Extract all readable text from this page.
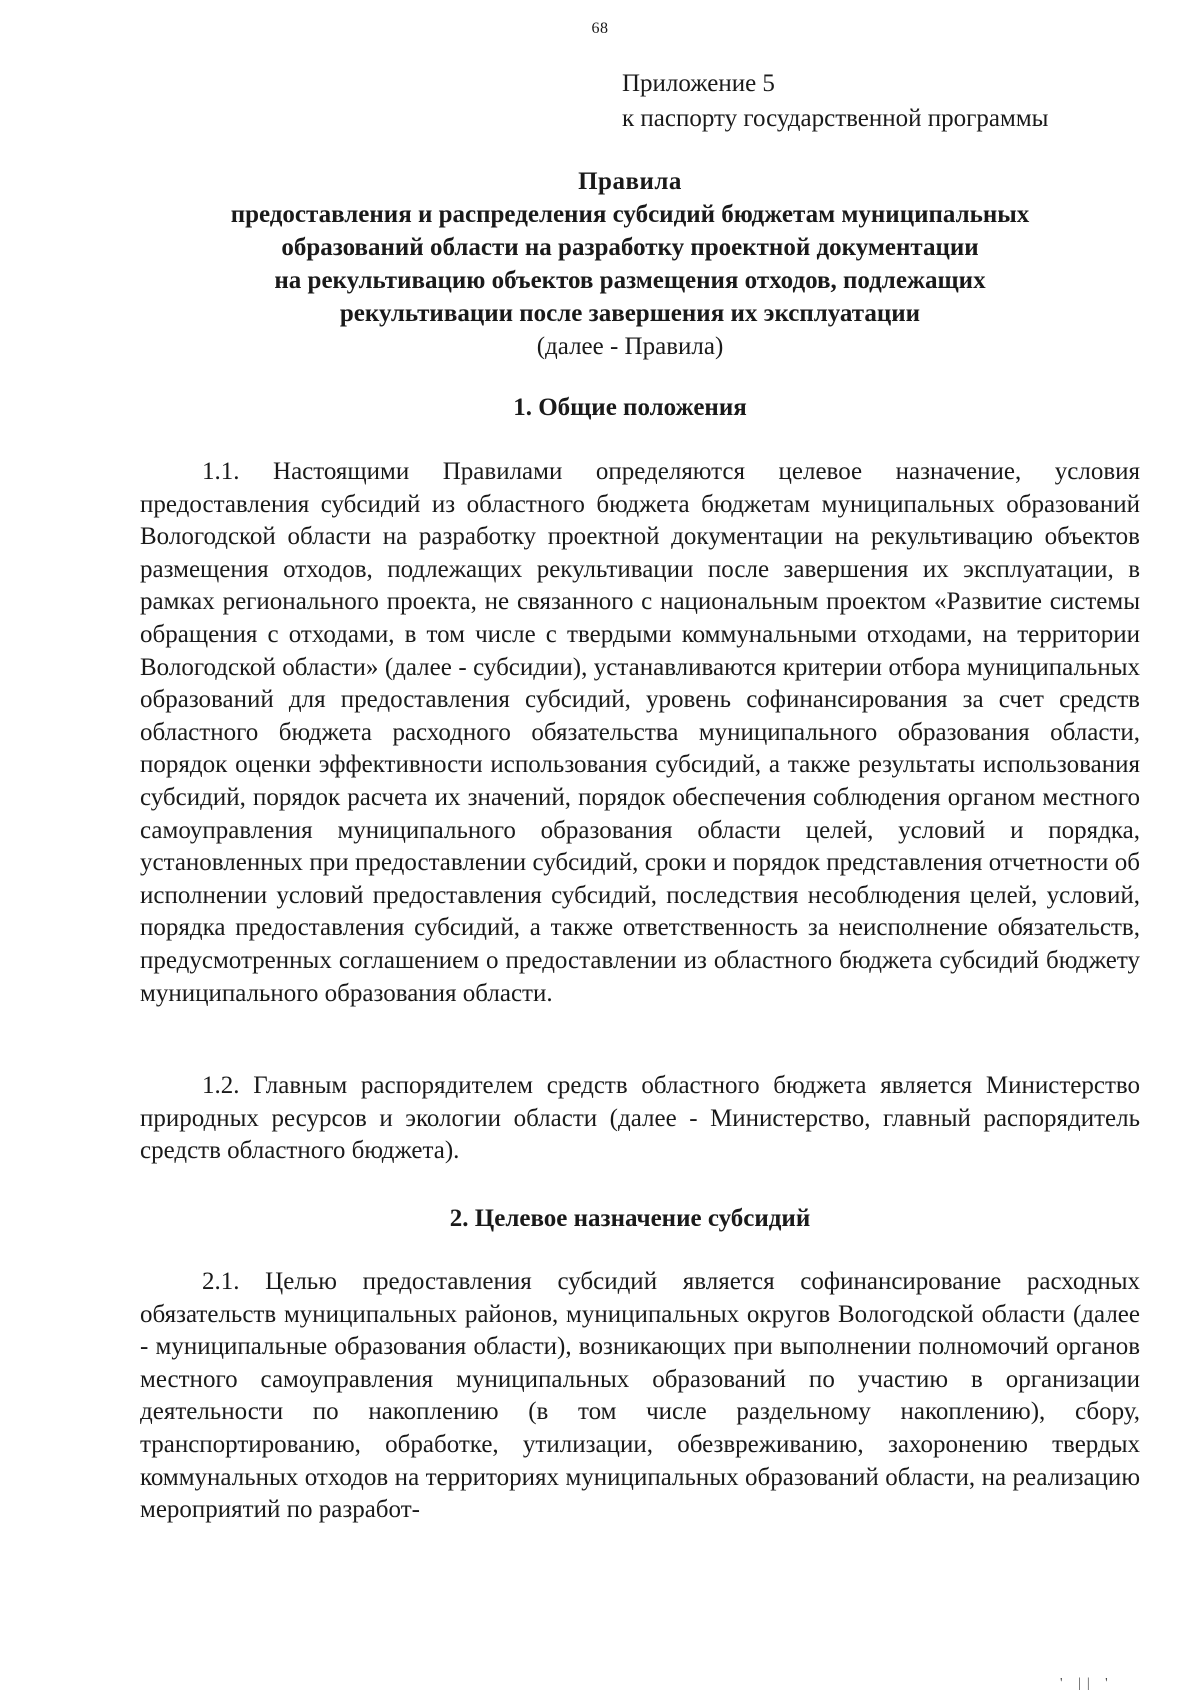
68
Приложение 5
к паспорту государственной программы
Правила
предоставления и распределения субсидий бюджетам муниципальных
образований области на разработку проектной документации
на рекультивацию объектов размещения отходов, подлежащих
рекультивации после завершения их эксплуатации
(далее - Правила)
1. Общие положения
1.1. Настоящими Правилами определяются целевое назначение, условия предоставления субсидий из областного бюджета бюджетам муниципальных образований Вологодской области на разработку проектной документации на рекультивацию объектов размещения отходов, подлежащих рекультивации после завершения их эксплуатации, в рамках регионального проекта, не связанного с национальным проектом «Развитие системы обращения с отходами, в том числе с твердыми коммунальными отходами, на территории Вологодской области» (далее - субсидии), устанавливаются критерии отбора муниципальных образований для предоставления субсидий, уровень софинансирования за счет средств областного бюджета расходного обязательства муниципального образования области, порядок оценки эффективности использования субсидий, а также результаты использования субсидий, порядок расчета их значений, порядок обеспечения соблюдения органом местного самоуправления муниципального образования области целей, условий и порядка, установленных при предоставлении субсидий, сроки и порядок представления отчетности об исполнении условий предоставления субсидий, последствия несоблюдения целей, условий, порядка предоставления субсидий, а также ответственность за неисполнение обязательств, предусмотренных соглашением о предоставлении из областного бюджета субсидий бюджету муниципального образования области.
1.2. Главным распорядителем средств областного бюджета является Министерство природных ресурсов и экологии области (далее - Министерство, главный распорядитель средств областного бюджета).
2. Целевое назначение субсидий
2.1. Целью предоставления субсидий является софинансирование расходных обязательств муниципальных районов, муниципальных округов Вологодской области (далее - муниципальные образования области), возникающих при выполнении полномочий органов местного самоуправления муниципальных образований по участию в организации деятельности по накоплению (в том числе раздельному накоплению), сбору, транспортированию, обработке, утилизации, обезвреживанию, захоронению твердых коммунальных отходов на территориях муниципальных образований области, на реализацию мероприятий по разработ-
' || '
